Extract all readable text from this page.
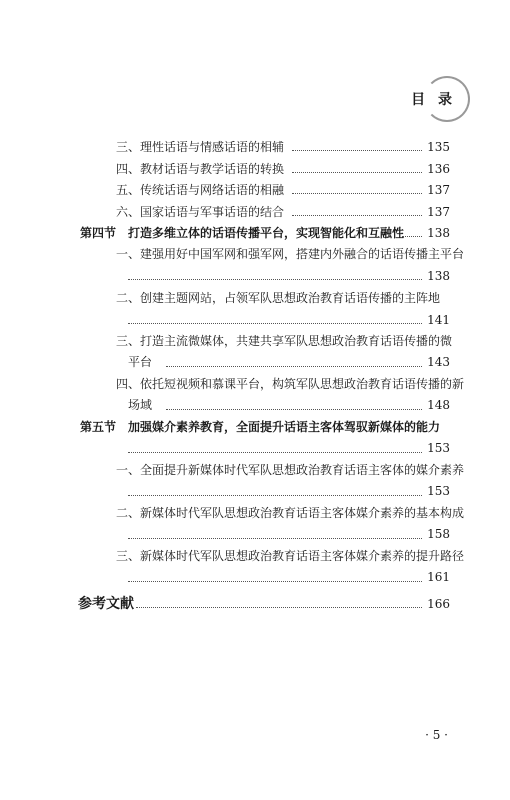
目 录
三、理性话语与情感话语的相辅	135
四、教材话语与教学话语的转换	136
五、传统话语与网络话语的相融	137
六、国家话语与军事话语的结合	137
第四节 打造多维立体的话语传播平台，实现智能化和互融性 138
一、建强用好中国军网和强军网，搭建内外融合的话语传播主平台
138
二、创建主题网站，占领军队思想政治教育话语传播的主阵地
141
三、打造主流微媒体，共建共享军队思想政治教育话语传播的微
平台	143
四、依托短视频和慕课平台，构筑军队思想政治教育话语传播的新
场域	148
第五节 加强媒介素养教育，全面提升话语主客体驾驭新媒体的能力
153
一、全面提升新媒体时代军队思想政治教育话语主客体的媒介素养
153
二、新媒体时代军队思想政治教育话语主客体媒介素养的基本构成
158
三、新媒体时代军队思想政治教育话语主客体媒介素养的提升路径
161
参考文献	166
· 5 ·
